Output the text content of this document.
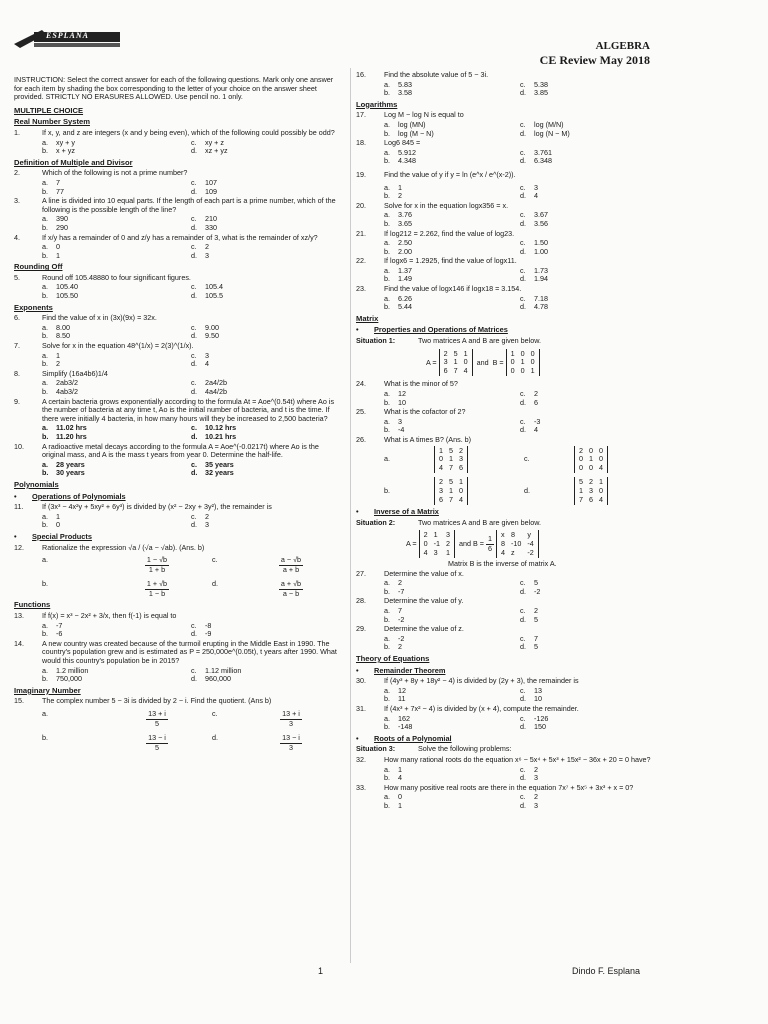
ESPLANA
ALGEBRA
CE Review May 2018

INSTRUCTION: Select the correct answer for each of the following questions. Mark only one answer for each item by shading the box corresponding to the letter of your choice on the answer sheet provided. STRICTLY NO ERASURES ALLOWED. Use pencil no. 1 only.

MULTIPLE CHOICE
Real Number System
1.	If x, y, and z are integers (x and y being even), which of the following could possibly be odd?
a.	xy + y	c.	xy + z
b.	x + yz	d.	xz + yz
Definition of Multiple and Divisor
2.	Which of the following is not a prime number?
a.	7	c.	107
b.	77	d.	109
3.	A line is divided into 10 equal parts. If the length of each part is a prime number, which of the following is the possible length of the line?
a.	390	c.	210
b.	290	d.	330
4.	If x/y has a remainder of 0 and z/y has a remainder of 3, what is the remainder of xz/y?
a.	0	c.	2
b.	1	d.	3
Rounding Off
5.	Round off 105.48880 to four significant figures.
a.	105.40	c.	105.4
b.	105.50	d.	105.5
Exponents
6.	Find the value of x in (3x)(9x) = 32x.
a.	8.00	c.	9.00
b.	8.50	d.	9.50
7.	Solve for x in the equation 48^(1/x) = 2(3)^(1/x).
a.	1	c.	3
b.	2	d.	4
8.	Simplify (16a4b6)1/4
a.	2ab3/2	c.	2a4/2b
b.	4ab3/2	d.	4a4/2b
9.	A certain bacteria grows exponentially according to the formula At = Aoe^(0.54t) where Ao is the number of bacteria at any time t, Ao is the initial number of bacteria, and t is the time. If there were initially 4 bacteria, in how many hours will they be increased to 2,500 bacteria?
a.	11.02 hrs	c.	10.12 hrs
b.	11.20 hrs	d.	10.21 hrs
10.	A radioactive metal decays according to the formula A = Aoe^(-0.0217t) where Ao is the original mass, and A is the mass t years from year 0. Determine the half-life.
a.	28 years	c.	35 years
b.	30 years	d.	32 years
Polynomials
• Operations of Polynomials
11.	If (3x³ − 4x²y + 5xy² + 6y³) is divided by (x² − 2xy + 3y²), the remainder is
a.	1	c.	2
b.	0	d.	3
• Special Products
12.	Rationalize the expression √a / (√a − √ab). (Ans. b)
a.	$\frac{1 - √b}{1 + b} c$.	$\frac{a - √b}{a + b}$
b.	$\frac{1 + √b}{1 - b} d$.	$\frac{a + √b}{a - b}$
Functions
13.	If f(x) = x³ − 2x² + 3/x, then f(-1) is equal to
a.	-7	c.	-8
b.	-6	d.	-9
14.	A new country was created because of the turmoil erupting in the Middle East in 1990. The country's population grew and is estimated as P = 250,000e^(0.05t), t years after 1990. What would this country's population be in 2015?
a.	1.2 million	c.	1.12 million
b.	750,000	d.	960,000
Imaginary Number
15.	The complex number 5 − 3i is divided by 2 − i. Find the quotient. (Ans b)
a.	$\frac{13 + i}{5} c$.	$\frac{13 + i}{3}$
b.	$\frac{13 - i}{5} d$.	$\frac{13 - i}{3}$
16.	Find the absolute value of 5 − 3i.
a.	5.83	c.	5.38
b.	3.58	d.	3.85
Logarithms
17.	Log M − log N is equal to
a.	log (MN)	c.	log (M/N)
b.	log (M − N)	d.	log (N − M)
18.	Log6 845 =
a.	5.912	c.	3.761
b.	4.348	d.	6.348
19.	Find the value of y if y = ln (e^x / e^(x-2)).
a.	1	c.	3
b.	2	d.	4
20.	Solve for x in the equation logx356 = x.
a.	3.76	c.	3.67
b.	3.65	d.	3.56
21.	If log212 = 2.262, find the value of log23.
a.	2.50	c.	1.50
b.	2.00	d.	1.00
22.	If logx6 = 1.2925, find the value of logx11.
a.	1.37	c.	1.73
b.	1.49	d.	1.94
23.	Find the value of logx146 if logx18 = 3.154.
a.	6.26	c.	7.18
b.	5.44	d.	4.78
Matrix
• Properties and Operations of Matrices
Situation 1:	Two matrices A and B are given below.
A =
2 5 1
3 1 0
6 7 4
and  B =
1 0 0
0 1 0
0 0 1
24.	What is the minor of 5?
a.	12	c.	2
b.	10	d.	6
25.	What is the cofactor of 2?
a.	3	c.	-3
b.	-4	d.	4
26.	What is A times B? (Ans. b)
a.
1 5 2
0 1 3
4 7 6
c.
2 0 0
0 1 0
0 0 4
b.
2 5 1
3 1 0
6 7 4
d.
5 2 1
1 3 0
7 6 4
• Inverse of a Matrix
Situation 2:	Two matrices A and B are given below.
A =
2 1	3
0 -1 2
4 3	1
and $B = \frac{1}{6}$

x 8	y
8 -10 -4
4 z	-2
Matrix B is the inverse of matrix A.
27.	Determine the value of x.
a.	2	c.	5
b.	-7	d.	-2
28.	Determine the value of y.
a.	7	c.	2
b.	-2	d.	5
29.	Determine the value of z.
a.	-2	c.	7
b.	2	d.	5
Theory of Equations
• Remainder Theorem
30.	If (4y³ + 8y + 18y² − 4) is divided by (2y + 3), the remainder is
a.	12	c.	13
b.	11	d.	10
31.	If (4x³ + 7x² − 4) is divided by (x + 4), compute the remainder.
a.	162	c.	-126
b.	-148	d.	150
• Roots of a Polynomial
Situation 3:	Solve the following problems:
32.	How many rational roots do the equation x⁶ − 5x⁴ + 5x³ + 15x² − 36x + 20 = 0 have?
a.	1	c.	2
b.	4	d.	3
33.	How many positive real roots are there in the equation 7x⁷ + 5x⁵ + 3x³ + x = 0?
a.	0	c.	2
b.	1	d.	3
1	Dindo F. Esplana
